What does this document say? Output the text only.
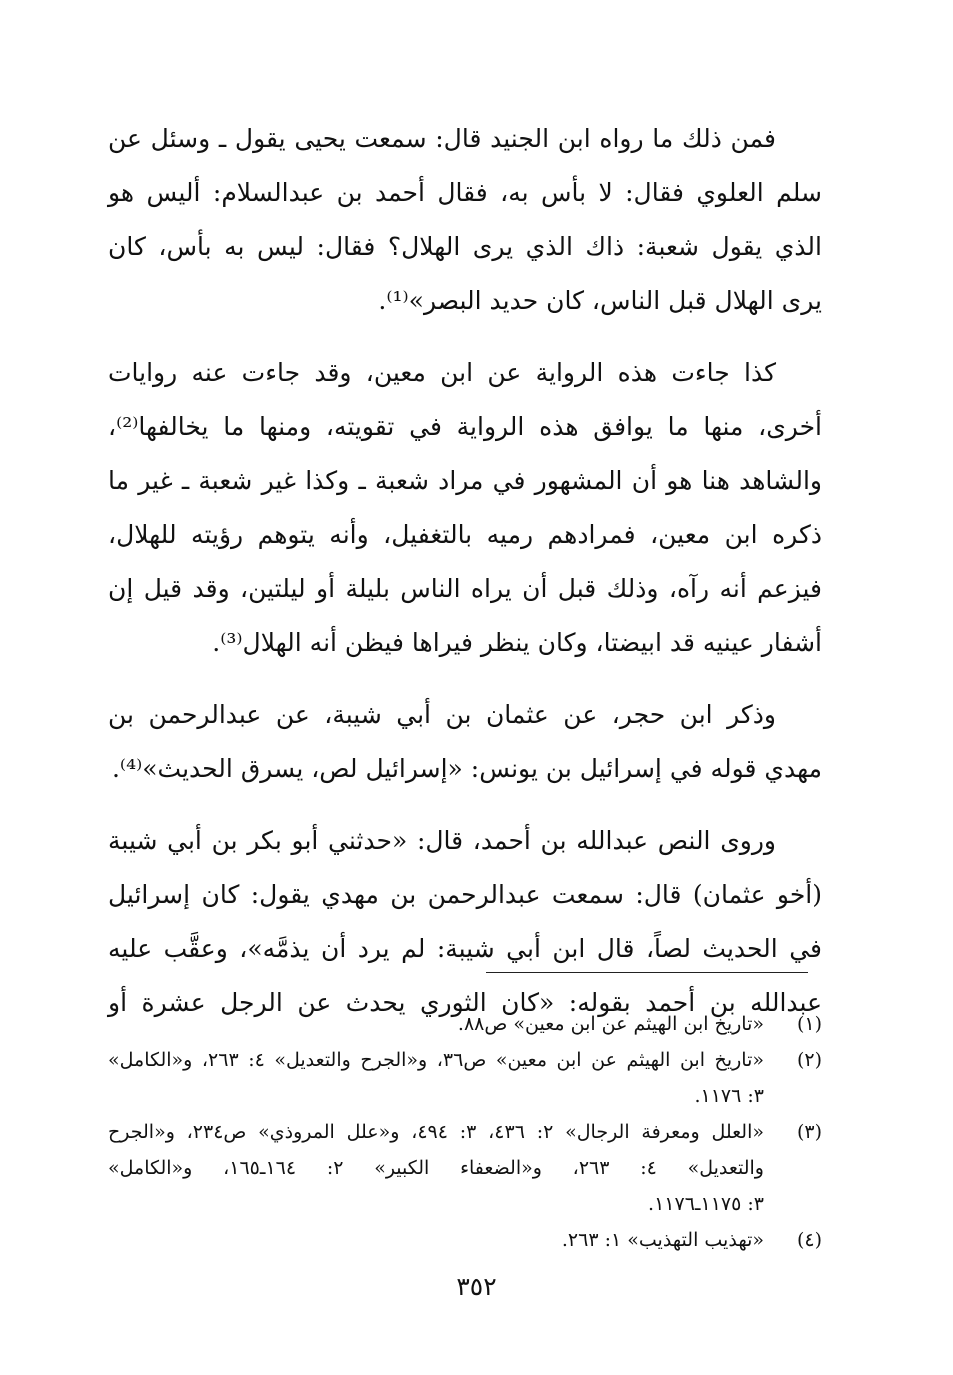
فمن ذلك ما رواه ابن الجنيد قال: سمعت يحيى يقول ـ وسئل عن
سلم العلوي فقال: لا بأس به، فقال أحمد بن عبدالسلام: أليس هو
الذي يقول شعبة: ذاك الذي يرى الهلال؟ فقال: ليس به بأس، كان
يرى الهلال قبل الناس، كان حديد البصر»⁽¹⁾.

كذا جاءت هذه الرواية عن ابن معين، وقد جاءت عنه روايات
أخرى، منها ما يوافق هذه الرواية في تقويته، ومنها ما يخالفها⁽²⁾،
والشاهد هنا هو أن المشهور في مراد شعبة ـ وكذا غير شعبة ـ غير ما
ذكره ابن معين، فمرادهم رميه بالتغفيل، وأنه يتوهم رؤيته للهلال،
فيزعم أنه رآه، وذلك قبل أن يراه الناس بليلة أو ليلتين، وقد قيل إن
أشفار عينيه قد ابيضتا، وكان ينظر فيراها فيظن أنه الهلال⁽³⁾.

وذكر ابن حجر، عن عثمان بن أبي شيبة، عن عبدالرحمن بن
مهدي قوله في إسرائيل بن يونس: «إسرائيل لص، يسرق الحديث»⁽⁴⁾.

وروى النص عبدالله بن أحمد، قال: «حدثني أبو بكر بن أبي شيبة
(أخو عثمان) قال: سمعت عبدالرحمن بن مهدي يقول: كان إسرائيل
في الحديث لصاً، قال ابن أبي شيبة: لم يرد أن يذمَّه»، وعقَّب عليه
عبدالله بن أحمد بقوله: «كان الثوري يحدث عن الرجل عشرة أو

(١)
«تاريخ ابن الهيثم عن ابن معين» ص٨٨.
(٢)
«تاريخ ابن الهيثم عن ابن معين» ص٣٦، و«الجرح والتعديل» ٤: ٢٦٣، و«الكامل»
٣: ١١٧٦.
(٣)
«العلل ومعرفة الرجال» ٢: ٤٣٦، ٣: ٤٩٤، و«علل المروذي» ص٢٣٤، و«الجرح
والتعديل» ٤: ٢٦٣، و«الضعفاء الكبير» ٢: ١٦٤ـ١٦٥، و«الكامل»
٣: ١١٧٥ـ١١٧٦.
(٤)
«تهذيب التهذيب» ١: ٢٦٣.
٣٥٢
